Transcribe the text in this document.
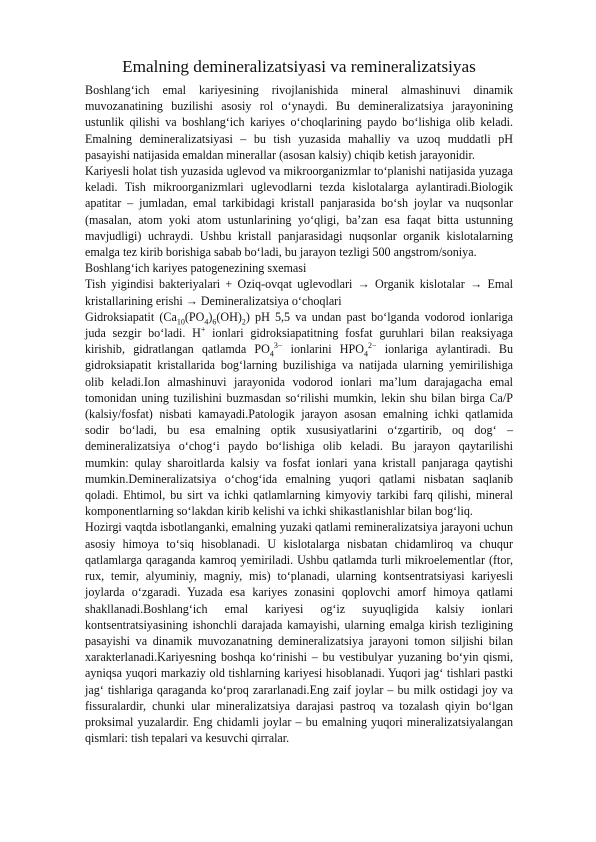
Emalning demineralizatsiyasi va remineralizatsiyas

Boshlang‘ich emal kariyesining rivojlanishida mineral almashinuvi dinamik muvozanatining buzilishi asosiy rol o‘ynaydi. Bu demineralizatsiya jarayonining ustunlik qilishi va boshlang‘ich kariyes o‘choqlarining paydo bo‘lishiga olib keladi. Emalning demineralizatsiyasi – bu tish yuzasida mahalliy va uzoq muddatli pH pasayishi natijasida emaldan minerallar (asosan kalsiy) chiqib ketish jarayonidir.

Kariyesli holat tish yuzasida uglevod va mikroorganizmlar to‘planishi natijasida yuzaga keladi. Tish mikroorganizmlari uglevodlarni tezda kislotalarga aylantiradi.Biologik apatitar – jumladan, emal tarkibidagi kristall panjarasida bo‘sh joylar va nuqsonlar (masalan, atom yoki atom ustunlarining yo‘qligi, ba’zan esa faqat bitta ustunning mavjudligi) uchraydi. Ushbu kristall panjarasidagi nuqsonlar organik kislotalarning emalga tez kirib borishiga sabab bo‘ladi, bu jarayon tezligi 500 angstrom/soniya.

Boshlang‘ich kariyes patogenezining sxemasi

Tish yigindisi bakteriyalari + Oziq-ovqat uglevodlari → Organik kislotalar → Emal kristallarining erishi → Demineralizatsiya o‘choqlari

Gidroksiapatit $(Ca_{10}(PO_4)_6(OH)_2)$ pH 5,5 va undan past bo‘lganda vodorod ionlariga juda sezgir bo‘ladi. H+ ionlari gidroksiapatitning fosfat guruhlari bilan reaksiyaga kirishib, gidratlangan qatlamda $PO_4^{3-}$ ionlarini $HPO_4^{2-}$ ionlariga aylantiradi. Bu gidroksiapatit kristallarida bog‘larning buzilishiga va natijada ularning yemirilishiga olib keladi.Ion almashinuvi jarayonida vodorod ionlari ma’lum darajagacha emal tomonidan uning tuzilishini buzmasdan so‘rilishi mumkin, lekin shu bilan birga Ca/P (kalsiy/fosfat) nisbati kamayadi.Patologik jarayon asosan emalning ichki qatlamida sodir bo‘ladi, bu esa emalning optik xususiyatlarini o‘zgartirib, oq dog‘ – demineralizatsiya o‘chog‘i paydo bo‘lishiga olib keladi. Bu jarayon qaytarilishi mumkin: qulay sharoitlarda kalsiy va fosfat ionlari yana kristall panjaraga qaytishi mumkin.Demineralizatsiya o‘chog‘ida emalning yuqori qatlami nisbatan saqlanib qoladi. Ehtimol, bu sirt va ichki qatlamlarning kimyoviy tarkibi farq qilishi, mineral komponentlarning so‘lakdan kirib kelishi va ichki shikastlanishlar bilan bog‘liq.

Hozirgi vaqtda isbotlanganki, emalning yuzaki qatlami remineralizatsiya jarayoni uchun asosiy himoya to‘siq hisoblanadi. U kislotalarga nisbatan chidamliroq va chuqur qatlamlarga qaraganda kamroq yemiriladi. Ushbu qatlamda turli mikroelementlar (ftor, rux, temir, alyuminiy, magniy, mis) to‘planadi, ularning kontsentratsiyasi kariyesli joylarda o‘zgaradi. Yuzada esa kariyes zonasini qoplovchi amorf himoya qatlami shakllanadi.Boshlang‘ich emal kariyesi og‘iz suyuqligida kalsiy ionlari kontsentratsiyasining ishonchli darajada kamayishi, ularning emalga kirish tezligining pasayishi va dinamik muvozanatning demineralizatsiya jarayoni tomon siljishi bilan xarakterlanadi.Kariyesning boshqa ko‘rinishi – bu vestibulyar yuzaning bo‘yin qismi, ayniqsa yuqori markaziy old tishlarning kariyesi hisoblanadi. Yuqori jag‘ tishlari pastki jag‘ tishlariga qaraganda ko‘proq zararlanadi.Eng zaif joylar – bu milk ostidagi joy va fissuralardir, chunki ular mineralizatsiya darajasi pastroq va tozalash qiyin bo‘lgan proksimal yuzalardir. Eng chidamli joylar – bu emalning yuqori mineralizatsiyalangan qismlari: tish tepalari va kesuvchi qirralar.
